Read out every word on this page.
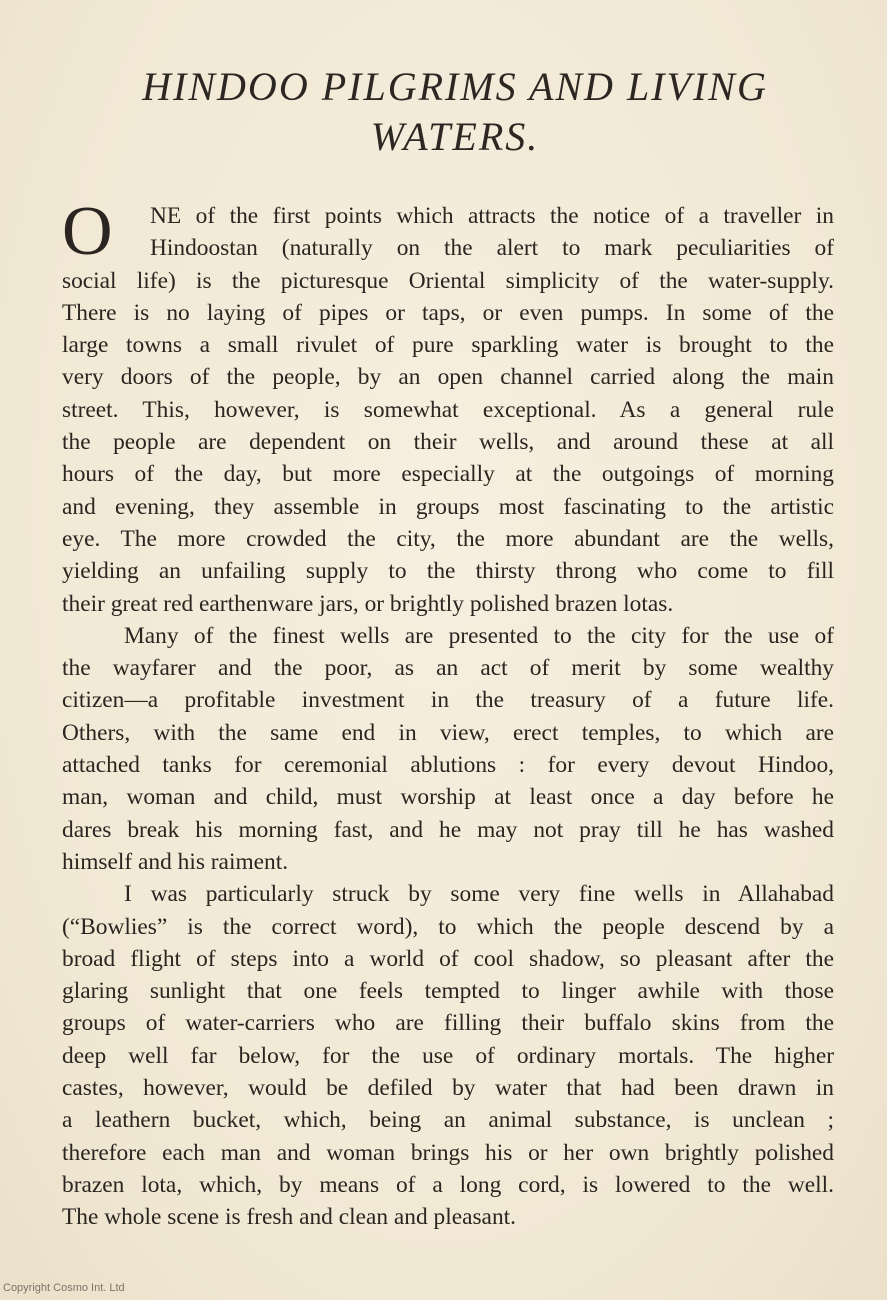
HINDOO PILGRIMS AND LIVING
WATERS.
O	NE of the first points which attracts the notice of a traveller in
Hindoostan (naturally on the alert to mark peculiarities of
social life) is the picturesque Oriental simplicity of the water-supply.
There is no laying of pipes or taps, or even pumps. In some of the
large towns a small rivulet of pure sparkling water is brought to the
very doors of the people, by an open channel carried along the main
street. This, however, is somewhat exceptional. As a general rule
the people are dependent on their wells, and around these at all
hours of the day, but more especially at the outgoings of morning
and evening, they assemble in groups most fascinating to the artistic
eye. The more crowded the city, the more abundant are the wells,
yielding an unfailing supply to the thirsty throng who come to fill
their great red earthenware jars, or brightly polished brazen lotas.
Many of the finest wells are presented to the city for the use of
the wayfarer and the poor, as an act of merit by some wealthy
citizen—a profitable investment in the treasury of a future life.
Others, with the same end in view, erect temples, to which are
attached tanks for ceremonial ablutions : for every devout Hindoo,
man, woman and child, must worship at least once a day before he
dares break his morning fast, and he may not pray till he has washed
himself and his raiment.
I was particularly struck by some very fine wells in Allahabad
(“Bowlies” is the correct word), to which the people descend by a
broad flight of steps into a world of cool shadow, so pleasant after the
glaring sunlight that one feels tempted to linger awhile with those
groups of water-carriers who are filling their buffalo skins from the
deep well far below, for the use of ordinary mortals. The higher
castes, however, would be defiled by water that had been drawn in
a leathern bucket, which, being an animal substance, is unclean ;
therefore each man and woman brings his or her own brightly polished
brazen lota, which, by means of a long cord, is lowered to the well.
The whole scene is fresh and clean and pleasant.
Copyright Cosmo Int. Ltd
